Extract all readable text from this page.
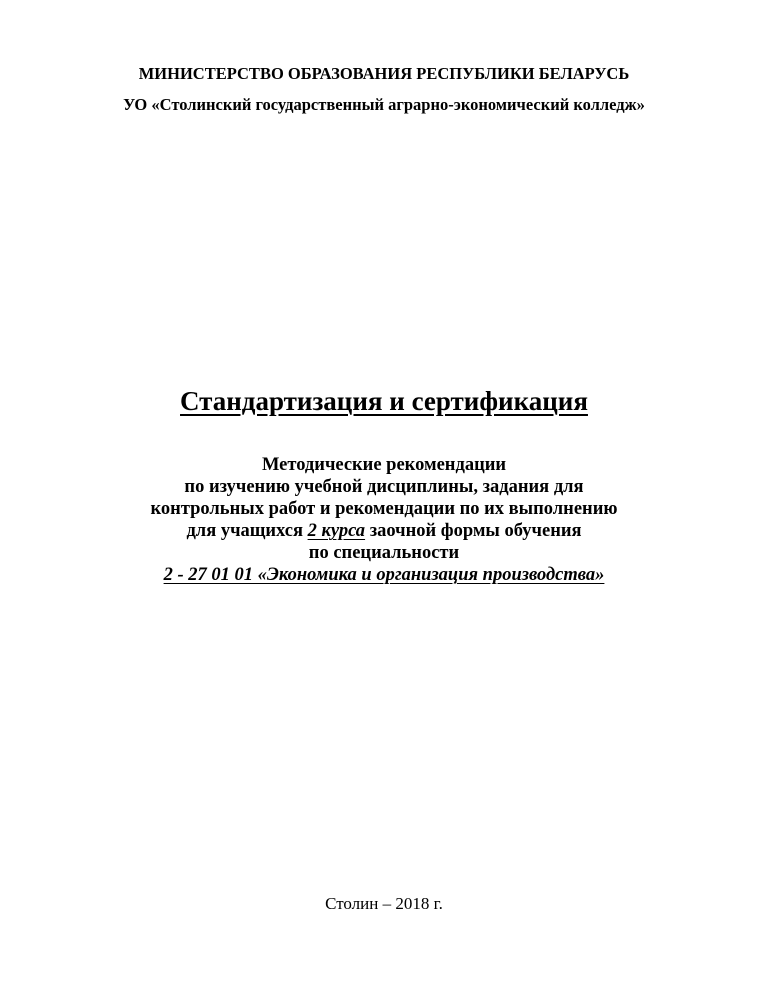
МИНИСТЕРСТВО ОБРАЗОВАНИЯ РЕСПУБЛИКИ БЕЛАРУСЬ
УО «Столинский государственный аграрно-экономический колледж»
Стандартизация и сертификация
Методические рекомендации
по изучению учебной дисциплины, задания для
контрольных работ и рекомендации по их выполнению
для учащихся 2 курса заочной формы обучения
по специальности
2 - 27 01 01 «Экономика и организация производства»
Столин – 2018 г.
